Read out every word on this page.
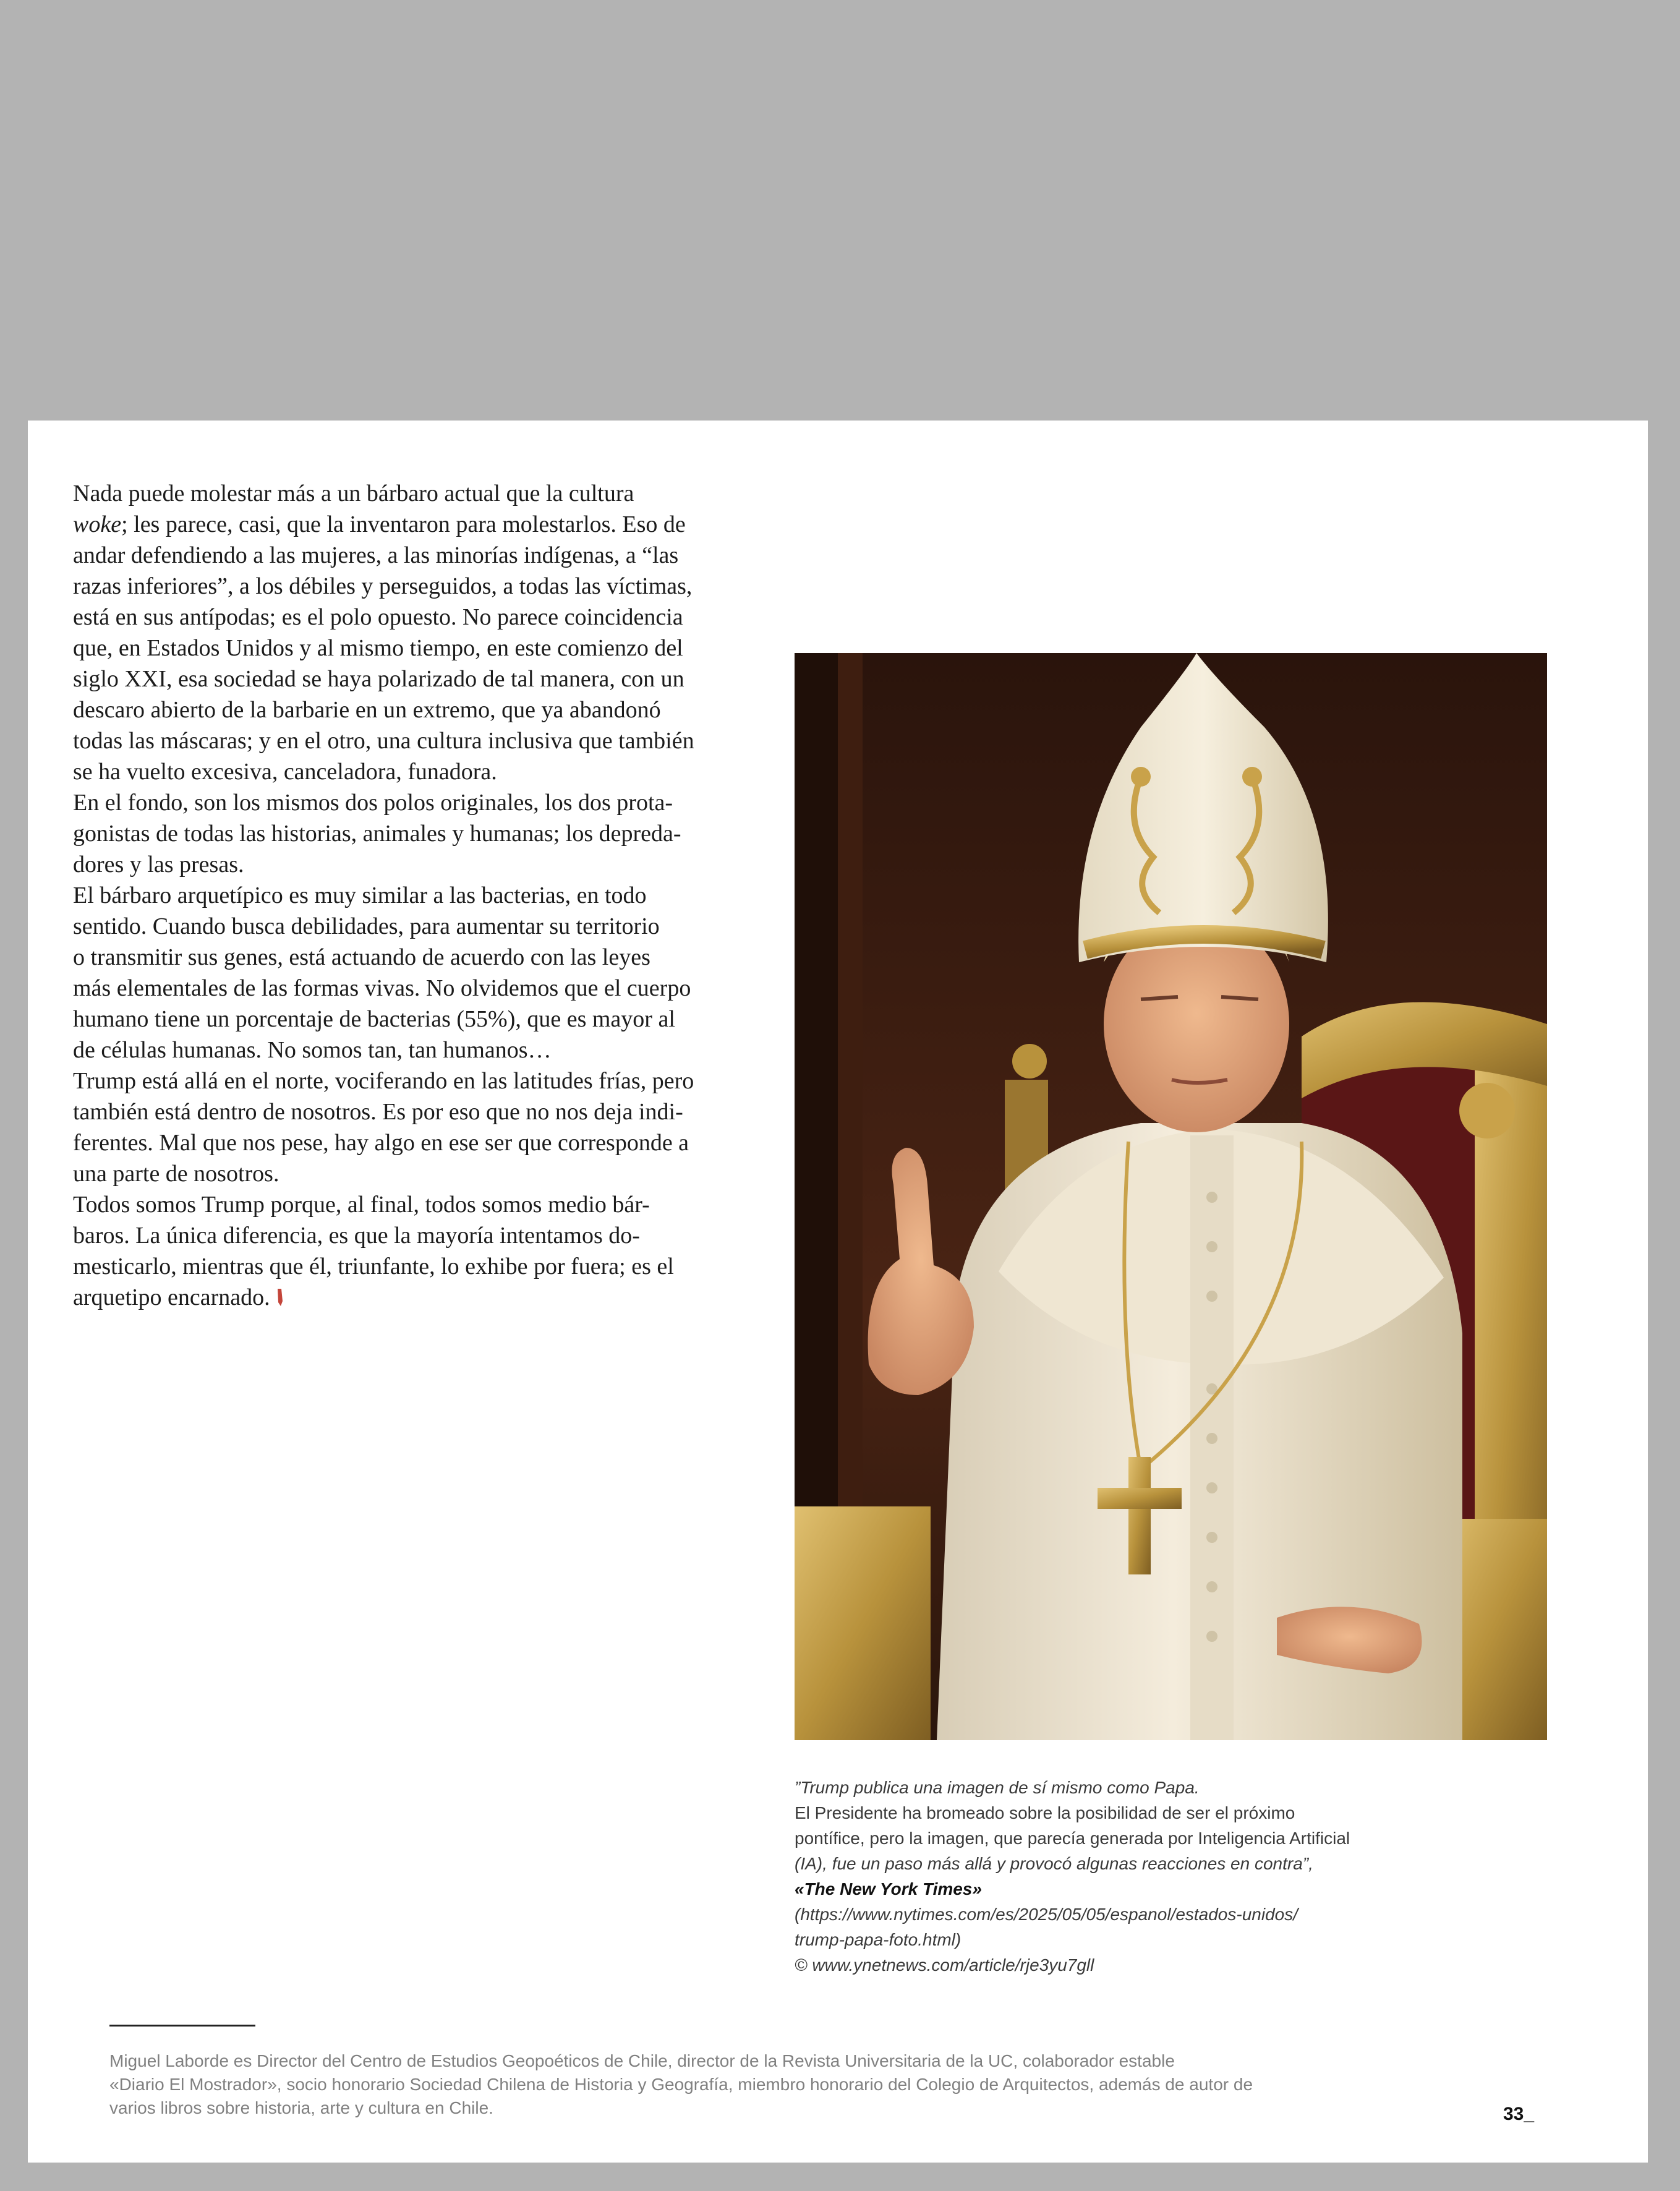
Nada puede molestar más a un bárbaro actual que la cultura
woke; les parece, casi, que la inventaron para molestarlos. Eso de
andar defendiendo a las mujeres, a las minorías indígenas, a “las
razas inferiores”, a los débiles y perseguidos, a todas las víctimas,
está en sus antípodas; es el polo opuesto. No parece coincidencia
que, en Estados Unidos y al mismo tiempo, en este comienzo del
siglo XXI, esa sociedad se haya polarizado de tal manera, con un
descaro abierto de la barbarie en un extremo, que ya abandonó
todas las máscaras; y en el otro, una cultura inclusiva que también
se ha vuelto excesiva, canceladora, funadora.

En el fondo, son los mismos dos polos originales, los dos prota-
gonistas de todas las historias, animales y humanas; los depreda-
dores y las presas.

El bárbaro arquetípico es muy similar a las bacterias, en todo
sentido. Cuando busca debilidades, para aumentar su territorio
o transmitir sus genes, está actuando de acuerdo con las leyes
más elementales de las formas vivas. No olvidemos que el cuerpo
humano tiene un porcentaje de bacterias (55%), que es mayor al
de células humanas. No somos tan, tan humanos…

Trump está allá en el norte, vociferando en las latitudes frías, pero
también está dentro de nosotros. Es por eso que no nos deja indi-
ferentes. Mal que nos pese, hay algo en ese ser que corresponde a
una parte de nosotros.

Todos somos Trump porque, al final, todos somos medio bár-
baros. La única diferencia, es que la mayoría intentamos do-
mesticarlo, mientras que él, triunfante, lo exhibe por fuera; es el
arquetipo encarnado.

”Trump publica una imagen de sí mismo como Papa.
El Presidente ha bromeado sobre la posibilidad de ser el próximo
pontífice, pero la imagen, que parecía generada por Inteligencia Artificial
(IA), fue un paso más allá y provocó algunas reacciones en contra”,
«The New York Times»
(https://www.nytimes.com/es/2025/05/05/espanol/estados-unidos/
trump-papa-foto.html)
© www.ynetnews.com/article/rje3yu7gll
Miguel Laborde es Director del Centro de Estudios Geopoéticos de Chile, director de la Revista Universitaria de la UC, colaborador estable
«Diario El Mostrador», socio honorario Sociedad Chilena de Historia y Geografía, miembro honorario del Colegio de Arquitectos, además de autor de
varios libros sobre historia, arte y cultura en Chile.	33_
